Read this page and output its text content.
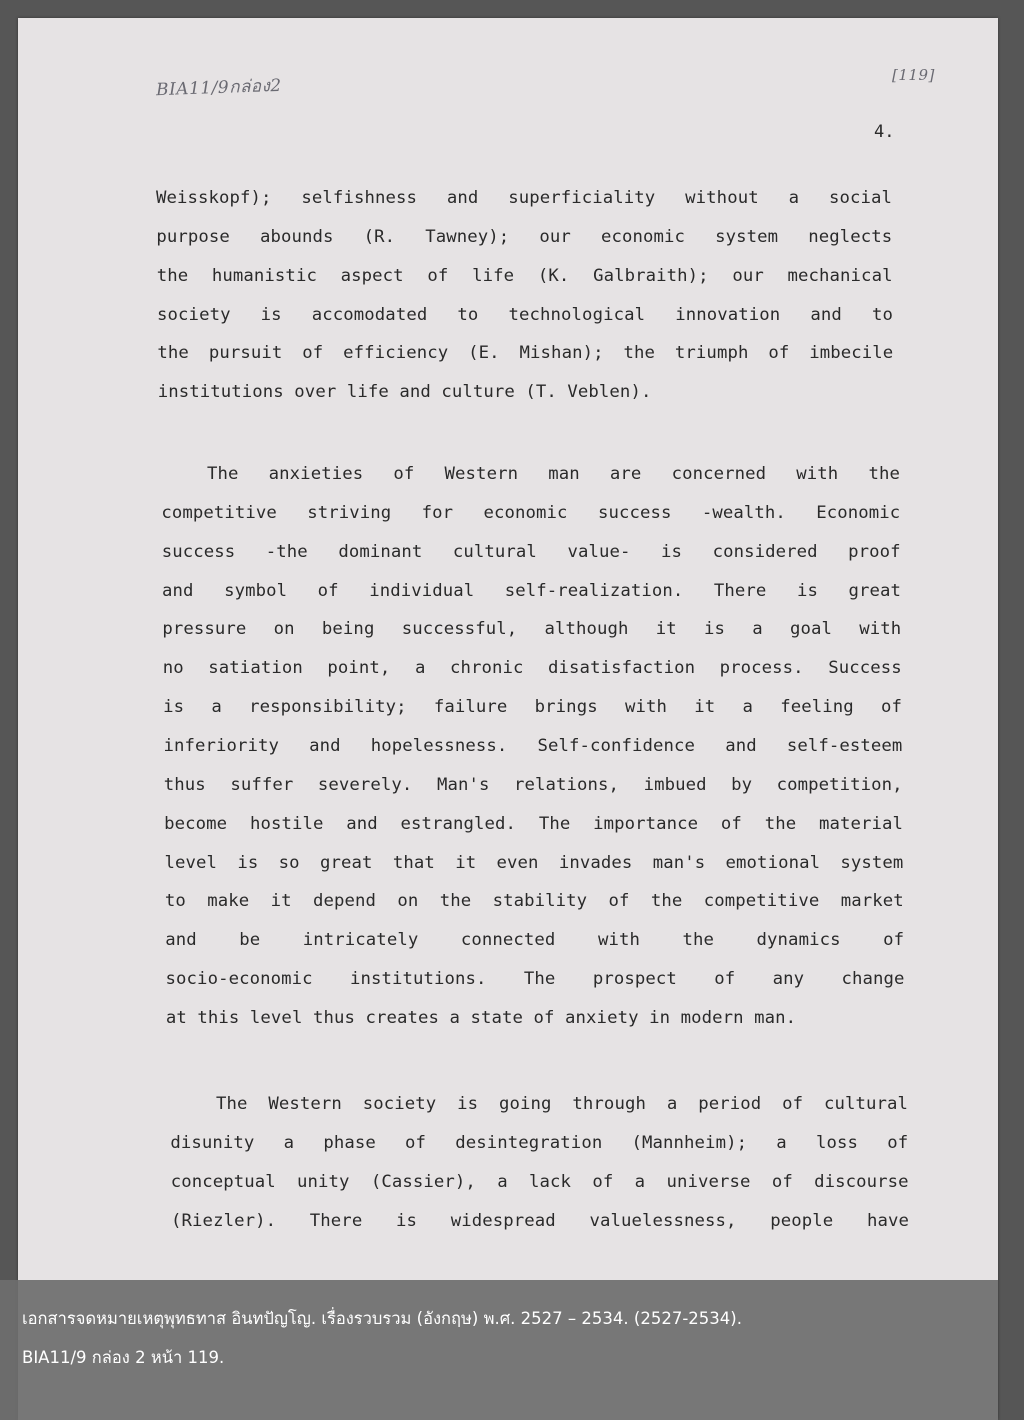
BIA11/9กล่อง2
[119]
4.
Weisskopf); selfishness and superficiality without a social
purpose abounds (R. Tawney); our economic system neglects
the humanistic aspect of life (K. Galbraith); our mechanical
society is accomodated to technological innovation and to
the pursuit of efficiency (E. Mishan); the triumph of imbecile
institutions over life and culture (T. Veblen).
The anxieties of Western man are concerned with the
competitive striving for economic success -wealth. Economic
success -the dominant cultural value- is considered proof
and symbol of individual self-realization. There is great
pressure on being successful, although it is a goal with
no satiation point, a chronic disatisfaction process. Success
is a responsibility; failure brings with it a feeling of
inferiority and hopelessness. Self-confidence and self-esteem
thus suffer severely. Man's relations, imbued by competition,
become hostile and estrangled. The importance of the material
level is so great that it even invades man's emotional system
to make it depend on the stability of the competitive market
and be intricately connected with the dynamics of
socio-economic institutions. The prospect of any change
at this level thus creates a state of anxiety in modern man.
The Western society is going through a period of cultural
disunity a phase of desintegration (Mannheim); a loss of
conceptual unity (Cassier), a lack of a universe of discourse
(Riezler). There is widespread valuelessness, people have
เอกสารจดหมายเหตุพุทธทาส อินทปัญโญ. เรื่องรวบรวม (อังกฤษ) พ.ศ. 2527 – 2534. (2527-2534).
BIA11/9 กล่อง 2 หน้า 119.
